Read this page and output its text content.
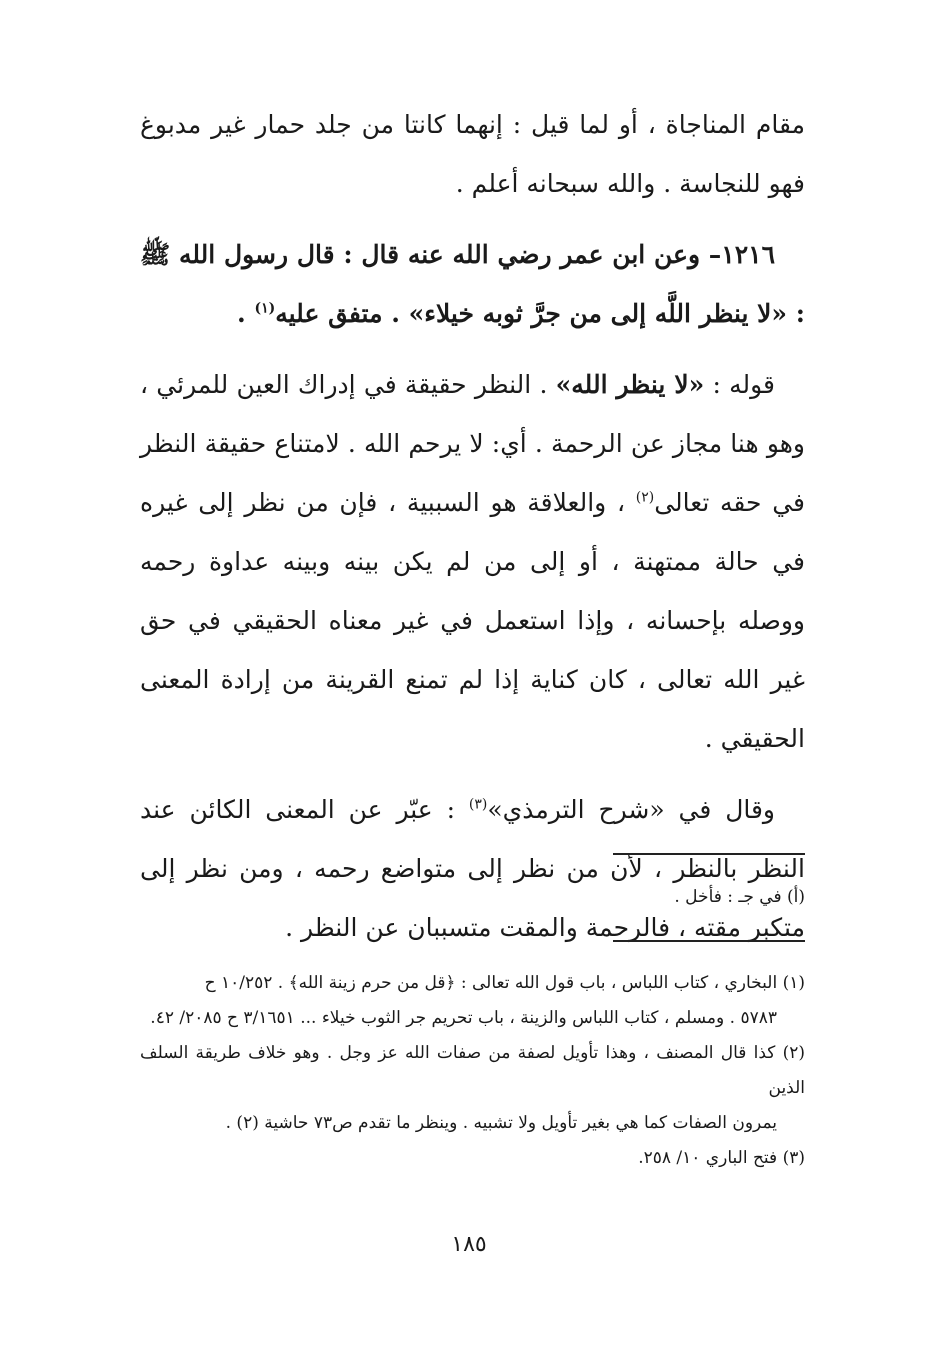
مقام المناجاة ، أو لما قيل : إنهما كانتا من جلد حمار غير مدبوغ فهو للنجاسة . والله سبحانه أعلم .

١٢١٦– وعن ابن عمر رضي الله عنه قال : قال رسول الله ﷺ : «لا ينظر اللَّه إلى من جرَّ ثوبه خيلاء» . متفق عليه$^{(١)}$ .

قوله : «لا ينظر الله» . النظر حقيقة في إدراك العين للمرئي ، وهو هنا مجاز عن الرحمة . أي: لا يرحم الله . لامتناع حقيقة النظر في حقه تعالى$^{(٢)}$ ، والعلاقة هو السببية ، فإن من نظر إلى غيره في حالة ممتهنة ، أو إلى من لم يكن بينه وبينه عداوة رحمه ووصله بإحسانه ، وإذا استعمل في غير معناه الحقيقي في حق غير الله تعالى ، كان كناية إذا لم تمنع القرينة من إرادة المعنى الحقيقي .

وقال في «شرح الترمذي»$^{(٣)}$ : عبّر عن المعنى الكائن عند النظر بالنظر ، لأن من نظر إلى متواضع رحمه ، ومن نظر إلى متكبر مقته ، فالرحمة والمقت متسببان عن النظر .

(أ) في جـ : فأخل .

(١) البخاري ، كتاب اللباس ، باب قول الله تعالى : ﴿قل من حرم زينة الله﴾ . ١٠/٢٥٢ ح
٥٧٨٣ . ومسلم ، كتاب اللباس والزينة ، باب تحريم جر الثوب خيلاء ... ٣/١٦٥١ ح ٢٠٨٥/ ٤٢.

(٢) كذا قال المصنف ، وهذا تأويل لصفة من صفات الله عز وجل . وهو خلاف طريقة السلف الذين
يمرون الصفات كما هي بغير تأويل ولا تشبيه . وينظر ما تقدم ص٧٣ حاشية (٢) .

(٣) فتح الباري ١٠/ ٢٥٨.

١٨٥
